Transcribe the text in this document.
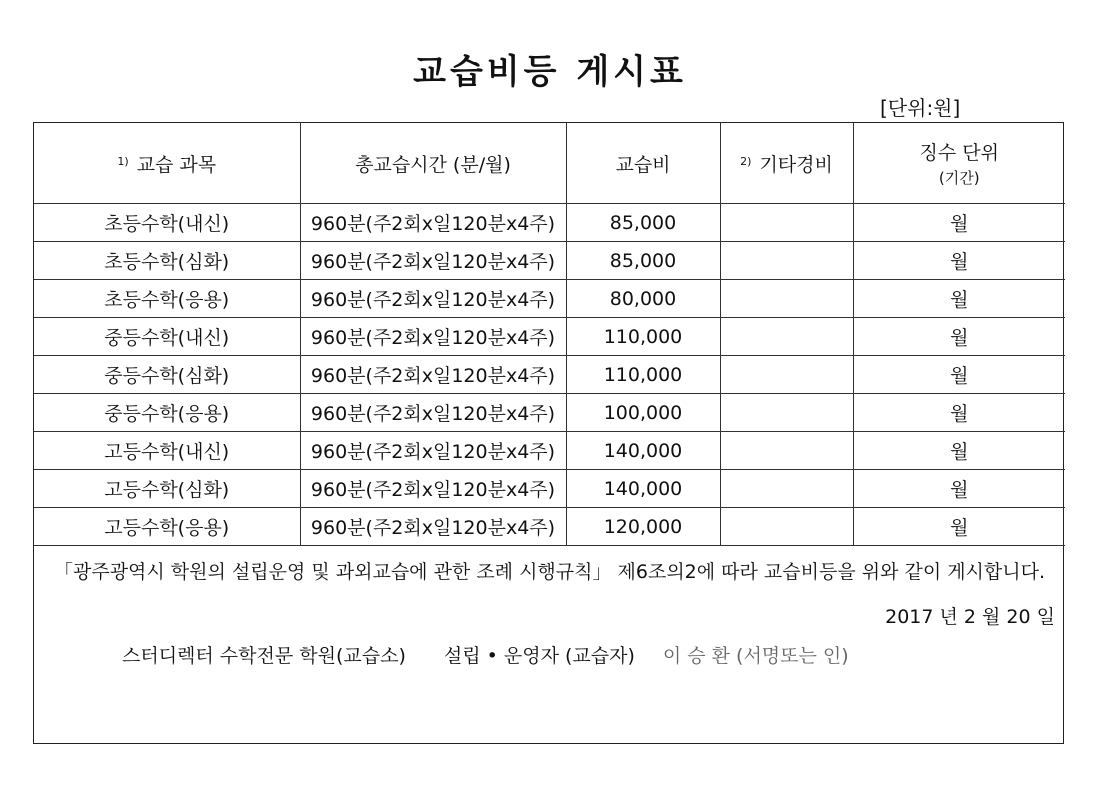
교습비등 게시표
[단위:원]
$^{1)}$ 교습 과목	총교습시간 (분/월)	교습비	$^{2)}$ 기타경비	징수 단위
(기간)

초등수학(내신)	960분(주2회x일120분x4주)	85,000		월
초등수학(심화)	960분(주2회x일120분x4주)	85,000		월
초등수학(응용)	960분(주2회x일120분x4주)	80,000		월
중등수학(내신)	960분(주2회x일120분x4주)	110,000		월
중등수학(심화)	960분(주2회x일120분x4주)	110,000		월
중등수학(응용)	960분(주2회x일120분x4주)	100,000		월
고등수학(내신)	960분(주2회x일120분x4주)	140,000		월
고등수학(심화)	960분(주2회x일120분x4주)	140,000		월
고등수학(응용)	960분(주2회x일120분x4주)	120,000		월
「광주광역시 학원의 설립운영 및 과외교습에 관한 조례 시행규칙」 제6조의2에 따라 교습비등을 위와 같이 게시합니다.
2017 년 2 월 20 일
스터디렉터 수학전문 학원(교습소) 설립 • 운영자 (교습자) 이 승 환 (서명또는 인)
